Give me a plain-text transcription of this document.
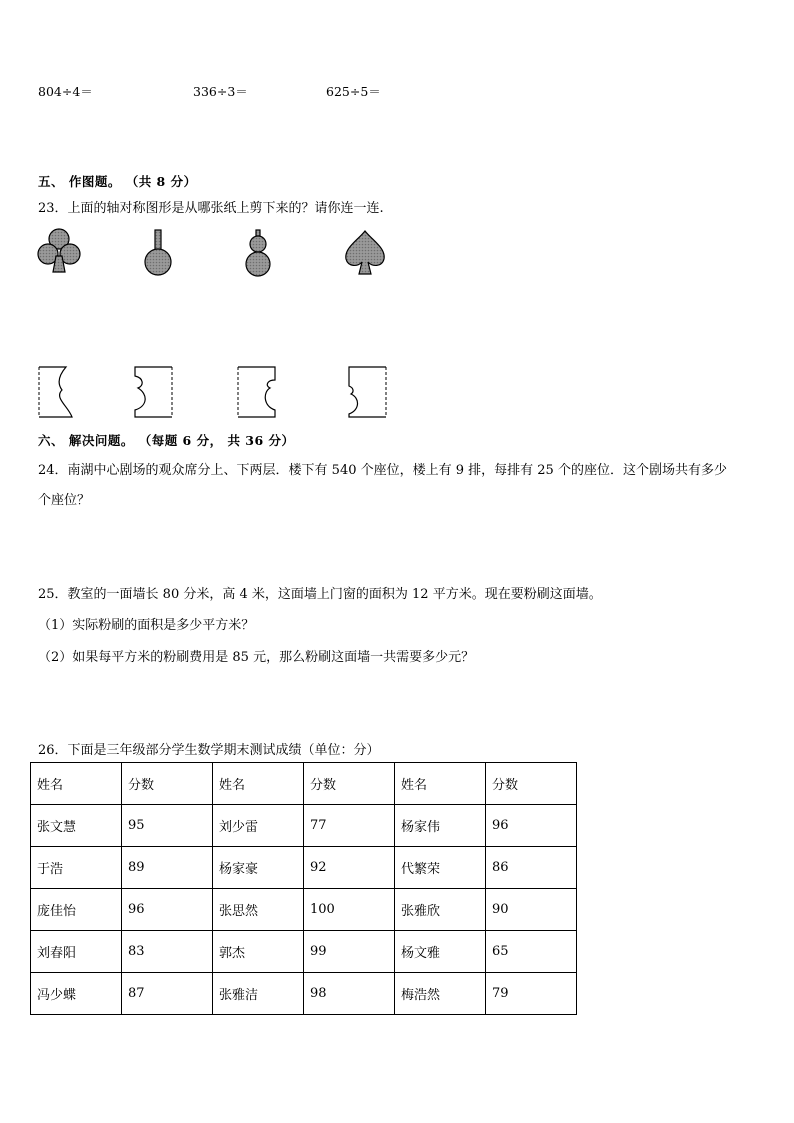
804÷4＝	336÷3＝	625÷5＝
五、 作图题。 （共 8 分）
23．上面的轴对称图形是从哪张纸上剪下来的？请你连一连.
六、 解决问题。 （每题 6 分， 共 36 分）
24．南湖中心剧场的观众席分上、下两层．楼下有 540 个座位，楼上有 9 排，每排有 25 个的座位．这个剧场共有多少
个座位？
25．教室的一面墙长 80 分米，高 4 米，这面墙上门窗的面积为 12 平方米。现在要粉刷这面墙。
（1）实际粉刷的面积是多少平方米？
（2）如果每平方米的粉刷费用是 85 元，那么粉刷这面墙一共需要多少元？
26．下面是三年级部分学生数学期末测试成绩（单位：分）
姓名	分数	姓名	分数	姓名	分数
张文慧	95	刘少雷	77	杨家伟	96
于浩	89	杨家豪	92	代繁荣	86
庞佳怡	96	张思然	100	张雅欣	90
刘春阳	83	郭杰	99	杨文雅	65
冯少蝶	87	张雅洁	98	梅浩然	79
